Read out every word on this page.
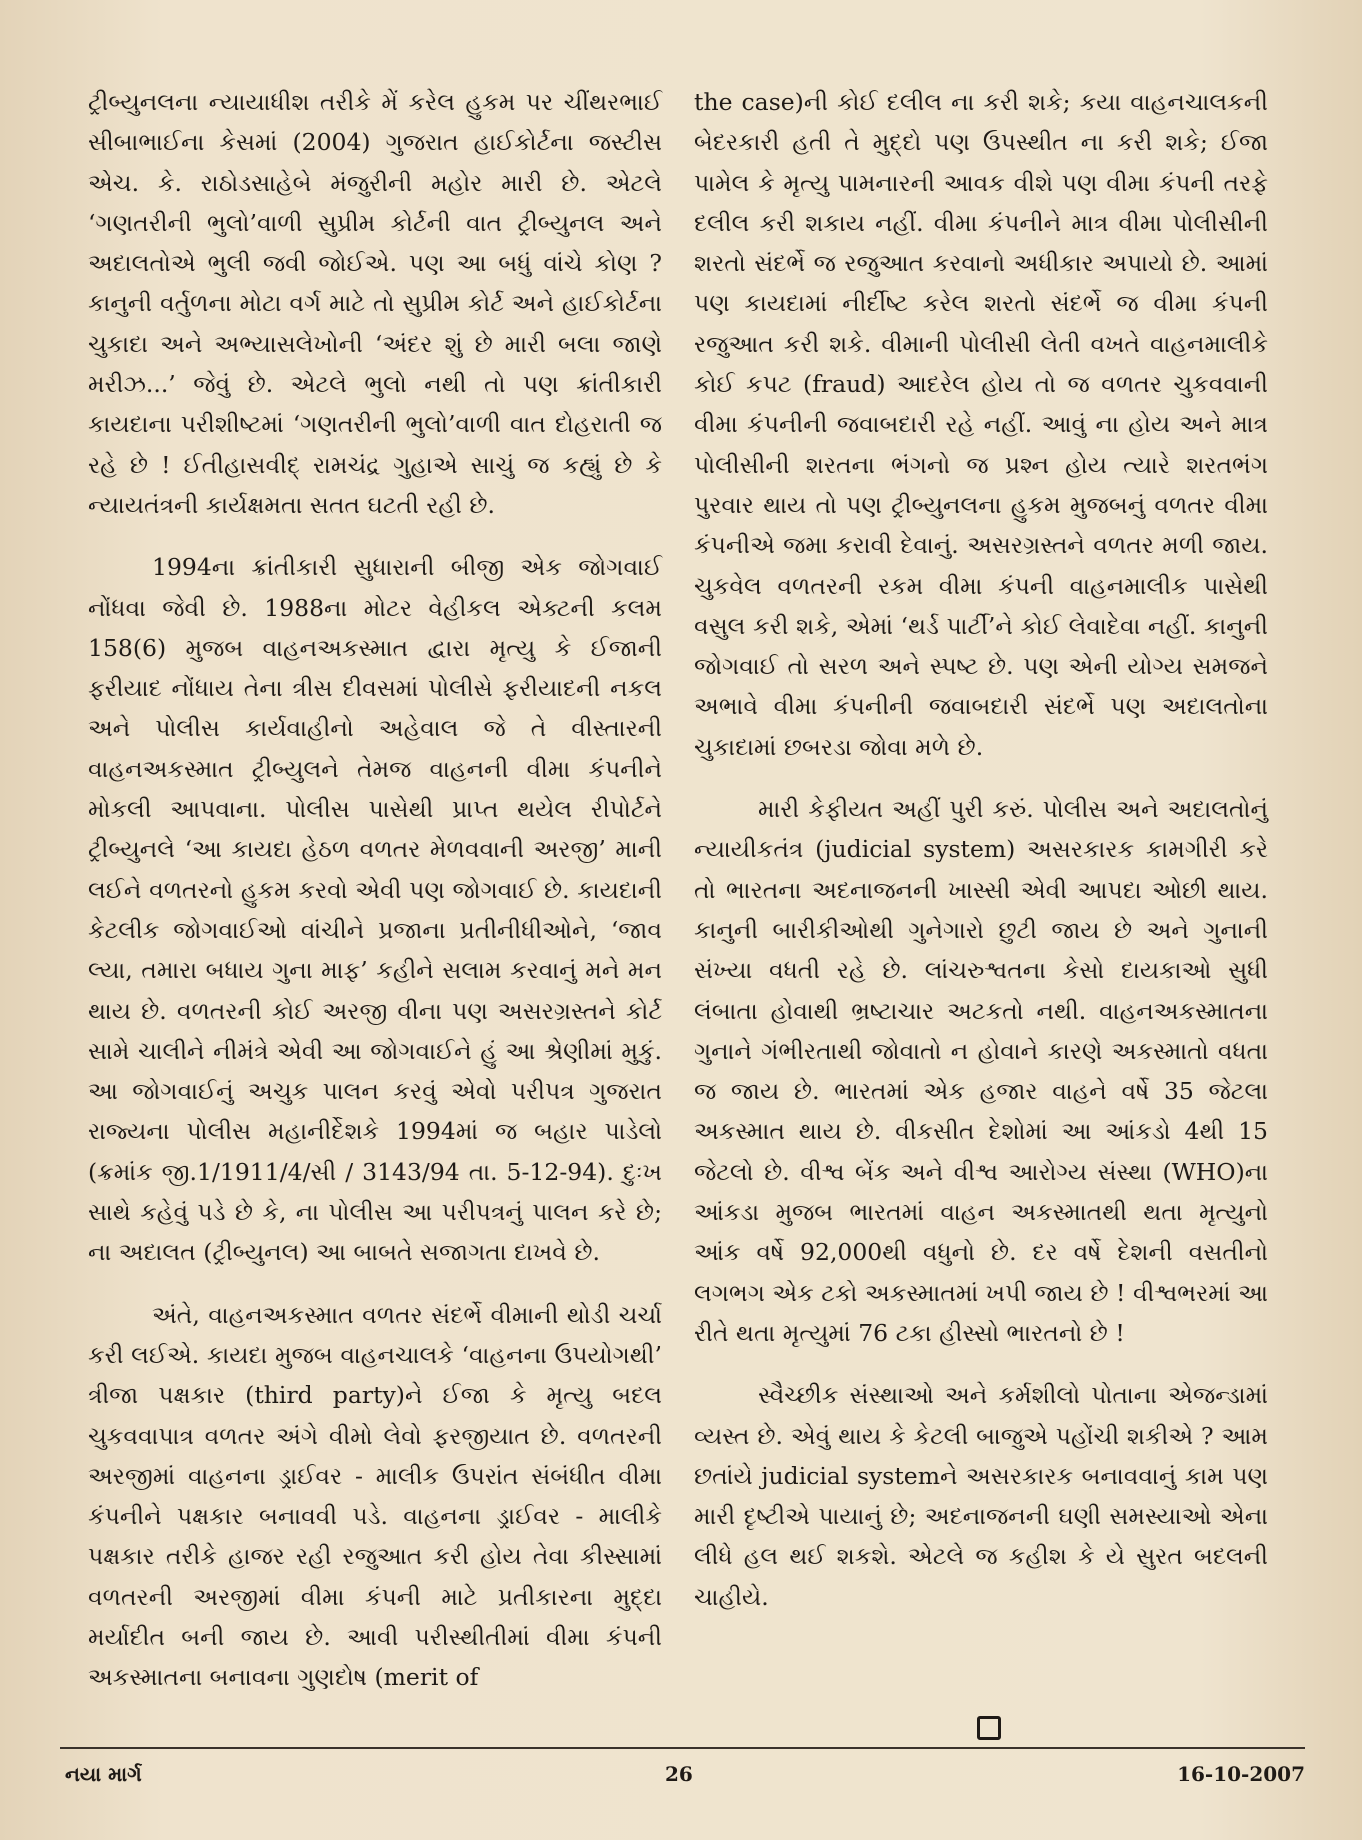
ટ્રીબ્યુનલના ન્યાયાધીશ તરીકે મેં કરેલ હુકમ પર ચીંથરભાઈ સીબાભાઈના કેસમાં (2004) ગુજરાત હાઈકોર્ટના જસ્ટીસ એચ. કે. રાઠોડસાહેબે મંજુરીની મહોર મારી છે. એટલે ‘ગણતરીની ભુલો’વાળી સુપ્રીમ કોર્ટની વાત ટ્રીબ્યુનલ અને અદાલતોએ ભુલી જવી જોઈએ. પણ આ બધું વાંચે કોણ ? કાનુની વર્તુળના મોટા વર્ગ માટે તો સુપ્રીમ કોર્ટ અને હાઈકોર્ટના ચુકાદા અને અભ્યાસલેખોની ‘અંદર શું છે મારી બલા જાણે મરીઝ...’ જેવું છે. એટલે ભુલો નથી તો પણ ક્રાંતીકારી કાયદાના પરીશીષ્ટમાં ‘ગણતરીની ભુલો’વાળી વાત દોહરાતી જ રહે છે ! ઈતીહાસવીદ્ રામચંદ્ર ગુહાએ સાચું જ કહ્યું છે કે ન્યાયતંત્રની કાર્યક્ષમતા સતત ઘટતી રહી છે.

1994ના ક્રાંતીકારી સુધારાની બીજી એક જોગવાઈ નોંધવા જેવી છે. 1988ના મોટર વેહીકલ એક્ટની કલમ 158(6) મુજબ વાહનઅકસ્માત દ્વારા મૃત્યુ કે ઈજાની ફરીયાદ નોંધાય તેના ત્રીસ દીવસમાં પોલીસે ફરીયાદની નકલ અને પોલીસ કાર્યવાહીનો અહેવાલ જે તે વીસ્તારની વાહનઅકસ્માત ટ્રીબ્યુલને તેમજ વાહનની વીમા કંપનીને મોકલી આપવાના. પોલીસ પાસેથી પ્રાપ્ત થયેલ રીપોર્ટને ટ્રીબ્યુનલે ‘આ કાયદા હેઠળ વળતર મેળવવાની અરજી’ માની લઈને વળતરનો હુકમ કરવો એવી પણ જોગવાઈ છે. કાયદાની કેટલીક જોગવાઈઓ વાંચીને પ્રજાના પ્રતીનીધીઓને, ‘જાવ લ્યા, તમારા બધાય ગુના માફ’ કહીને સલામ કરવાનું મને મન થાય છે. વળતરની કોઈ અરજી વીના પણ અસરગ્રસ્તને કોર્ટ સામે ચાલીને નીમંત્રે એવી આ જોગવાઈને હું આ શ્રેણીમાં મુકું. આ જોગવાઈનું અચુક પાલન કરવું એવો પરીપત્ર ગુજરાત રાજ્યના પોલીસ મહાનીર્દેશકે 1994માં જ બહાર પાડેલો (ક્રમાંક જી.1/1911/4/સી / 3143/94 તા. 5-12-94). દુઃખ સાથે કહેવું પડે છે કે, ના પોલીસ આ પરીપત્રનું પાલન કરે છે; ના અદાલત (ટ્રીબ્યુનલ) આ બાબતે સજાગતા દાખવે છે.

અંતે, વાહનઅકસ્માત વળતર સંદર્ભે વીમાની થોડી ચર્ચા કરી લઈએ. કાયદા મુજબ વાહનચાલકે ‘વાહનના ઉપયોગથી’ ત્રીજા પક્ષકાર (third party)ને ઈજા કે મૃત્યુ બદલ ચુકવવાપાત્ર વળતર અંગે વીમો લેવો ફરજીયાત છે. વળતરની અરજીમાં વાહનના ડ્રાઈવર - માલીક ઉપરાંત સંબંધીત વીમા કંપનીને પક્ષકાર બનાવવી પડે. વાહનના ડ્રાઈવર - માલીકે પક્ષકાર તરીકે હાજર રહી રજુઆત કરી હોય તેવા કીસ્સામાં વળતરની અરજીમાં વીમા કંપની માટે પ્રતીકારના મુદ્દા મર્યાદીત બની જાય છે. આવી પરીસ્થીતીમાં વીમા કંપની અકસ્માતના બનાવના ગુણદોષ (merit of

the case)ની કોઈ દલીલ ના કરી શકે; કયા વાહનચાલકની બેદરકારી હતી તે મુદ્દો પણ ઉપસ્થીત ના કરી શકે; ઈજા પામેલ કે મૃત્યુ પામનારની આવક વીશે પણ વીમા કંપની તરફે દલીલ કરી શકાય નહીં. વીમા કંપનીને માત્ર વીમા પોલીસીની શરતો સંદર્ભે જ રજુઆત કરવાનો અધીકાર અપાયો છે. આમાં પણ કાયદામાં નીર્દીષ્ટ કરેલ શરતો સંદર્ભે જ વીમા કંપની રજુઆત કરી શકે. વીમાની પોલીસી લેતી વખતે વાહનમાલીકે કોઈ કપટ (fraud) આદરેલ હોય તો જ વળતર ચુકવવાની વીમા કંપનીની જવાબદારી રહે નહીં. આવું ના હોય અને માત્ર પોલીસીની શરતના ભંગનો જ પ્રશ્ન હોય ત્યારે શરતભંગ પુરવાર થાય તો પણ ટ્રીબ્યુનલના હુકમ મુજબનું વળતર વીમા કંપનીએ જમા કરાવી દેવાનું. અસરગ્રસ્તને વળતર મળી જાય. ચુકવેલ વળતરની રકમ વીમા કંપની વાહનમાલીક પાસેથી વસુલ કરી શકે, એમાં ‘થર્ડ પાર્ટી’ને કોઈ લેવાદેવા નહીં. કાનુની જોગવાઈ તો સરળ અને સ્પષ્ટ છે. પણ એની યોગ્ય સમજને અભાવે વીમા કંપનીની જવાબદારી સંદર્ભે પણ અદાલતોના ચુકાદામાં છબરડા જોવા મળે છે.

મારી કેફીયત અહીં પુરી કરું. પોલીસ અને અદાલતોનું ન્યાયીકતંત્ર (judicial system) અસરકારક કામગીરી કરે તો ભારતના અદનાજનની ખાસ્સી એવી આપદા ઓછી થાય. કાનુની બારીકીઓથી ગુનેગારો છુટી જાય છે અને ગુનાની સંખ્યા વધતી રહે છે. લાંચરુશ્વતના કેસો દાયકાઓ સુધી લંબાતા હોવાથી ભ્રષ્ટાચાર અટકતો નથી. વાહનઅકસ્માતના ગુનાને ગંભીરતાથી જોવાતો ન હોવાને કારણે અકસ્માતો વધતા જ જાય છે. ભારતમાં એક હજાર વાહને વર્ષે 35 જેટલા અકસ્માત થાય છે. વીકસીત દેશોમાં આ આંકડો 4થી 15 જેટલો છે. વીશ્વ બેંક અને વીશ્વ આરોગ્ય સંસ્થા (WHO)ના આંકડા મુજબ ભારતમાં વાહન અકસ્માતથી થતા મૃત્યુનો આંક વર્ષે 92,000થી વધુનો છે. દર વર્ષે દેશની વસતીનો લગભગ એક ટકો અકસ્માતમાં ખપી જાય છે ! વીશ્વભરમાં આ રીતે થતા મૃત્યુમાં 76 ટકા હીસ્સો ભારતનો છે !

સ્વૈચ્છીક સંસ્થાઓ અને કર્મશીલો પોતાના એજન્ડામાં વ્યસ્ત છે. એવું થાય કે કેટલી બાજુએ પહોંચી શકીએ ? આમ છતાંયે judicial systemને અસરકારક બનાવવાનું કામ પણ મારી દૃષ્ટીએ પાયાનું છે; અદનાજનની ઘણી સમસ્યાઓ એના લીધે હલ થઈ શકશે. એટલે જ કહીશ કે યે સુરત બદલની ચાહીયે.

નયા માર્ગ	26	16-10-2007
